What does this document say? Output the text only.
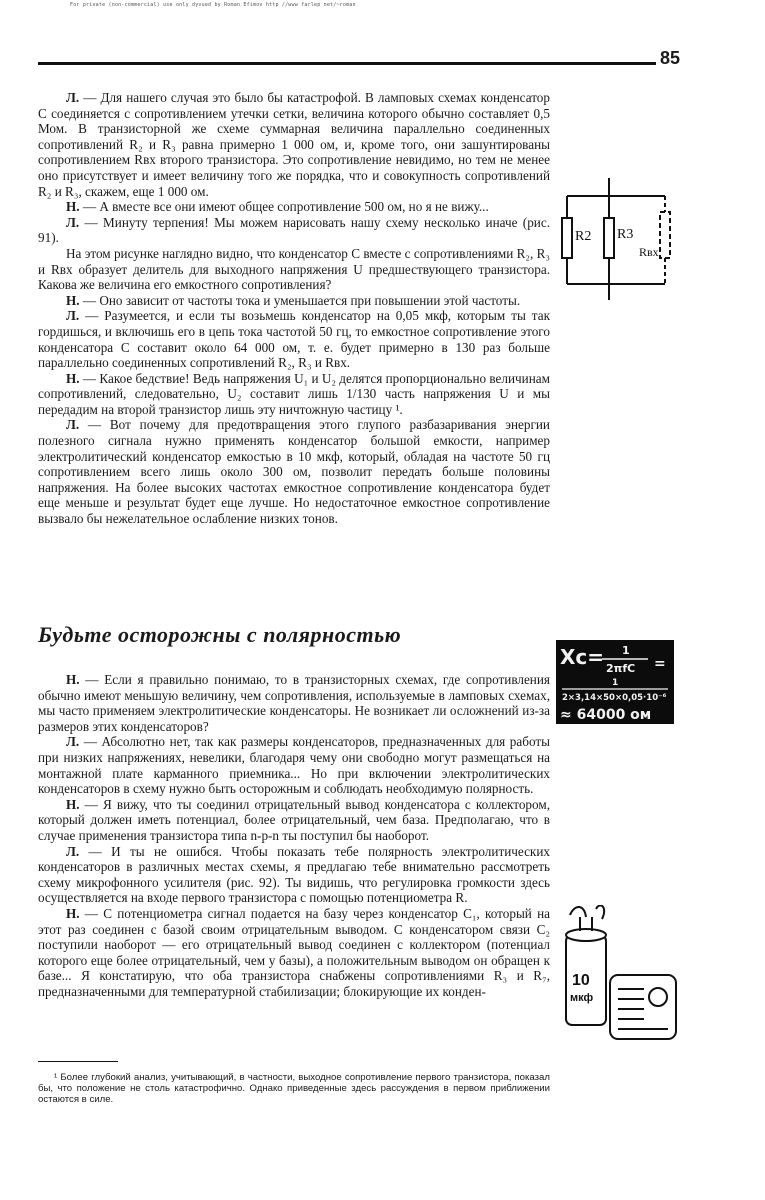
For private (non-commercial) use only dyvued by Roman Efimov http //www farlep net/~roman
85

Л. — Для нашего случая это было бы катастрофой. В ламповых схемах конденсатор C соединяется с сопротивлением утечки сетки, величина которого обычно составляет 0,5 Мом. В транзисторной же схеме суммарная величина параллельно соединенных сопротивлений R₂ и R₃ равна примерно 1 000 ом, и, кроме того, они зашунтированы сопротивлением Rвх второго транзистора. Это сопротивление невидимо, но тем не менее оно присутствует и имеет величину того же порядка, что и совокупность сопротивлений R₂ и R₃, скажем, еще 1 000 ом.

Н. — А вместе все они имеют общее сопротивление 500 ом, но я не вижу...

Л. — Минуту терпения! Мы можем нарисовать нашу схему несколько иначе (рис. 91).

На этом рисунке наглядно видно, что конденсатор C вместе с сопротивлениями R₂, R₃ и Rвх образует делитель для выходного напряжения U предшествующего транзистора. Какова же величина его емкостного сопротивления?

Н. — Оно зависит от частоты тока и уменьшается при повышении этой частоты.

Л. — Разумеется, и если ты возьмешь конденсатор на 0,05 мкф, которым ты так гордишься, и включишь его в цепь тока частотой 50 гц, то емкостное сопротивление этого конденсатора C составит около 64 000 ом, т. е. будет примерно в 130 раз больше параллельно соединенных сопротивлений R₂, R₃ и Rвх.

Н. — Какое бедствие! Ведь напряжения U₁ и U₂ делятся пропорционально величинам сопротивлений, следовательно, U₂ составит лишь 1/130 часть напряжения U и мы передадим на второй транзистор лишь эту ничтожную частицу ¹.

Л. — Вот почему для предотвращения этого глупого разбазаривания энергии полезного сигнала нужно применять конденсатор большой емкости, например электролитический конденсатор емкостью в 10 мкф, который, обладая на частоте 50 гц сопротивлением всего лишь около 300 ом, позволит передать больше половины напряжения. На более высоких частотах емкостное сопротивление конденсатора будет еще меньше и результат будет еще лучше. Но недостаточное емкостное сопротивление вызвало бы нежелательное ослабление низких тонов.

R2 R3
Rвх
Будьте осторожны с полярностью
Xc= 1
2πfC =
1
2×3,14×50×0,05·10⁻⁶
≈ 64000 ом

Н. — Если я правильно понимаю, то в транзисторных схемах, где сопротивления обычно имеют меньшую величину, чем сопротивления, используемые в ламповых схемах, мы часто применяем электролитические конденсаторы. Не возникает ли осложнений из-за размеров этих конденсаторов?

Л. — Абсолютно нет, так как размеры конденсаторов, предназначенных для работы при низких напряжениях, невелики, благодаря чему они свободно могут размещаться на монтажной плате карманного приемника... Но при включении электролитических конденсаторов в схему нужно быть осторожным и соблюдать необходимую полярность.

Н. — Я вижу, что ты соединил отрицательный вывод конденсатора с коллектором, который должен иметь потенциал, более отрицательный, чем база. Предполагаю, что в случае применения транзистора типа n-p-n ты поступил бы наоборот.

Л. — И ты не ошибся. Чтобы показать тебе полярность электролитических конденсаторов в различных местах схемы, я предлагаю тебе внимательно рассмотреть схему микрофонного усилителя (рис. 92). Ты видишь, что регулировка громкости здесь осуществляется на входе первого транзистора с помощью потенциометра R.

Н. — С потенциометра сигнал подается на базу через конденсатор C₁, который на этот раз соединен с базой своим отрицательным выводом. С конденсатором связи C₂ поступили наоборот — его отрицательный вывод соединен с коллектором (потенциал которого еще более отрицательный, чем у базы), а положительным выводом он обращен к базе... Я констатирую, что оба транзистора снабжены сопротивлениями R₃ и R₇, предназначенными для температурной стабилизации; блокирующие их конден-

10
мкф

¹ Более глубокий анализ, учитывающий, в частности, выходное сопротивление первого транзистора, показал бы, что положение не столь катастрофично. Однако приведенные здесь рассуждения в первом приближении остаются в силе.
